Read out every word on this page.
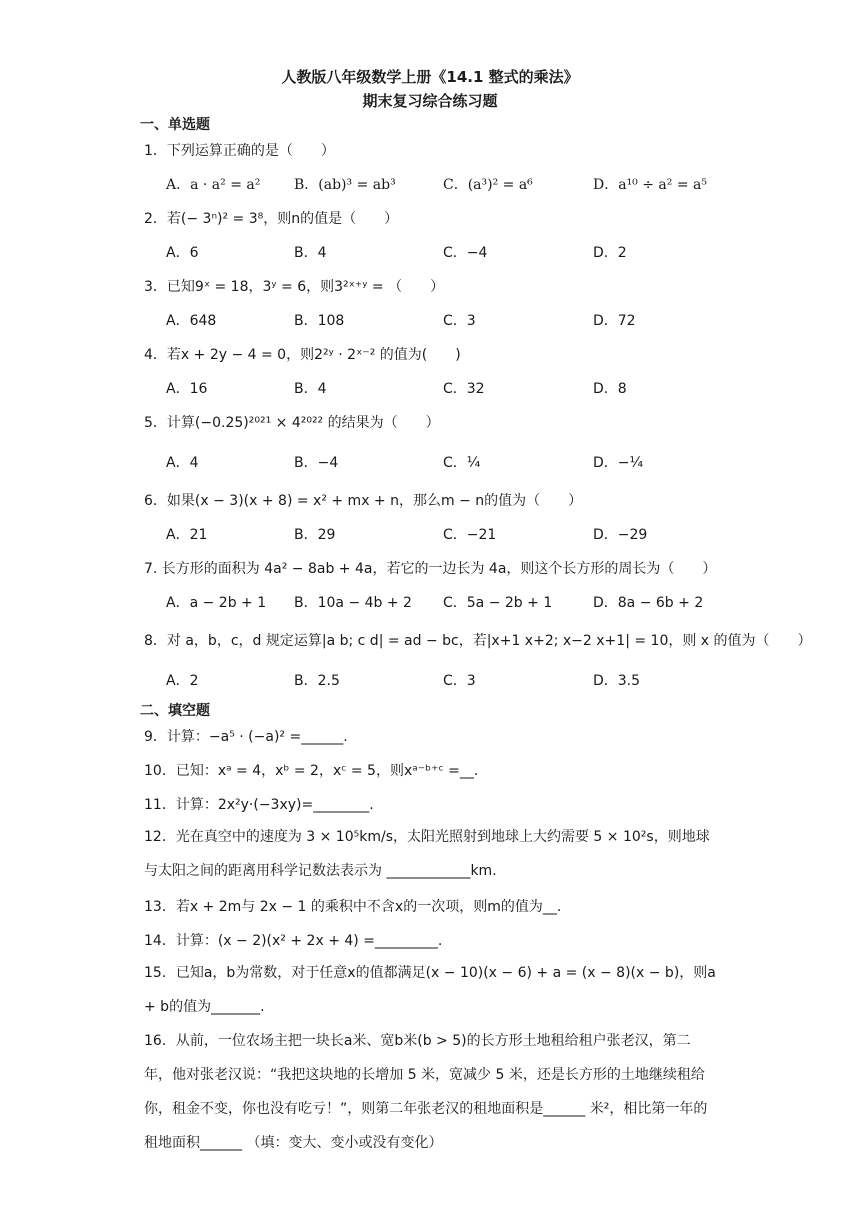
人教版八年级数学上册《14.1 整式的乘法》
期末复习综合练习题
一、单选题
1．下列运算正确的是（　　）
A．a · a² = a² B．(ab)³ = ab³	C．(a³)² = a⁶	D．a¹⁰ ÷ a² = a⁵
2．若(− 3ⁿ)² = 3⁸，则n的值是（　　）
A．6	B．4	C．−4	D．2
3．已知9ˣ = 18，3ʸ = 6，则3²ˣ⁺ʸ = （　　）
A．648	B．108	C．3	D．72
4．若x + 2y − 4 = 0，则2²ʸ · 2ˣ⁻² 的值为(　　)
A．16	B．4	C．32	D．8
5．计算(−0.25)²⁰²¹ × 4²⁰²² 的结果为（　　）
A．4	B．−4	C．¼	D．−¼
6．如果(x − 3)(x + 8) = x² + mx + n，那么m − n的值为（　　）
A．21	B．29	C．−21	D．−29
7. 长方形的面积为 4a² − 8ab + 4a，若它的一边长为 4a，则这个长方形的周长为（　　）
A．a − 2b + 1 B．10a − 4b + 2 C．5a − 2b + 1	D．8a − 6b + 2
8．对 a，b，c，d 规定运算|a b; c d| = ad − bc，若|x+1 x+2; x−2 x+1| = 10，则 x 的值为（　　）
A．2	B．2.5	C．3	D．3.5
二、填空题
9．计算：−a⁵ · (−a)² =______.
10．已知：xᵃ = 4，xᵇ = 2，xᶜ = 5，则xᵃ⁻ᵇ⁺ᶜ =__.
11．计算：2x²y·(−3xy)=________.
12．光在真空中的速度为 3 × 10⁵km/s，太阳光照射到地球上大约需要 5 × 10²s，则地球与太阳之间的距离用科学记数法表示为 ____________km.
13．若x + 2m与 2x − 1 的乘积中不含x的一次项，则m的值为__.
14．计算：(x − 2)(x² + 2x + 4) =_________.
15．已知a，b为常数，对于任意x的值都满足(x − 10)(x − 6) + a = (x − 8)(x − b)，则a + b的值为_______.
16．从前，一位农场主把一块长a米、宽b米(b > 5)的长方形土地租给租户张老汉，第二年，他对张老汉说：“我把这块地的长增加 5 米，宽减少 5 米，还是长方形的土地继续租给你，租金不变，你也没有吃亏！”，则第二年张老汉的租地面积是______ 米²，相比第一年的租地面积______ （填：变大、变小或没有变化）
